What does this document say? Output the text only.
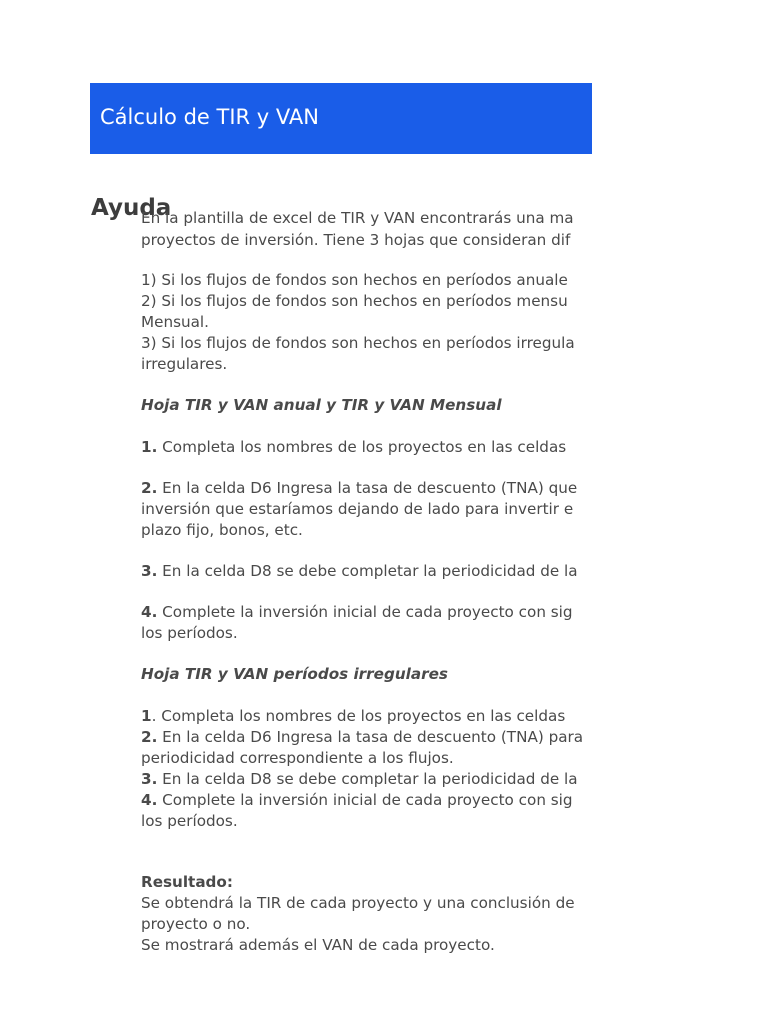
Cálculo de TIR y VAN
Ayuda
En la plantilla de excel de TIR y VAN encontrarás una ma
proyectos de inversión. Tiene 3 hojas que consideran dif
1) Si los flujos de fondos son hechos en períodos anuale
2) Si los flujos de fondos son hechos en períodos mensu
Mensual.
3) Si los flujos de fondos son hechos en períodos irregula
irregulares.
Hoja TIR y VAN anual y TIR y VAN Mensual
1. Completa los nombres de los proyectos en las celdas
2. En la celda D6 Ingresa la tasa de descuento (TNA) que
inversión que estaríamos dejando de lado para invertir e
plazo fijo, bonos, etc.
3. En la celda D8 se debe completar la periodicidad de la
4. Complete la inversión inicial de cada proyecto con sig
los períodos.
Hoja TIR y VAN períodos irregulares
1. Completa los nombres de los proyectos en las celdas
2. En la celda D6 Ingresa la tasa de descuento (TNA) para
periodicidad correspondiente a los flujos.
3. En la celda D8 se debe completar la periodicidad de la
4. Complete la inversión inicial de cada proyecto con sig
los períodos.
Resultado:
Se obtendrá la TIR de cada proyecto y una conclusión de
proyecto o no.
Se mostrará además el VAN de cada proyecto.
